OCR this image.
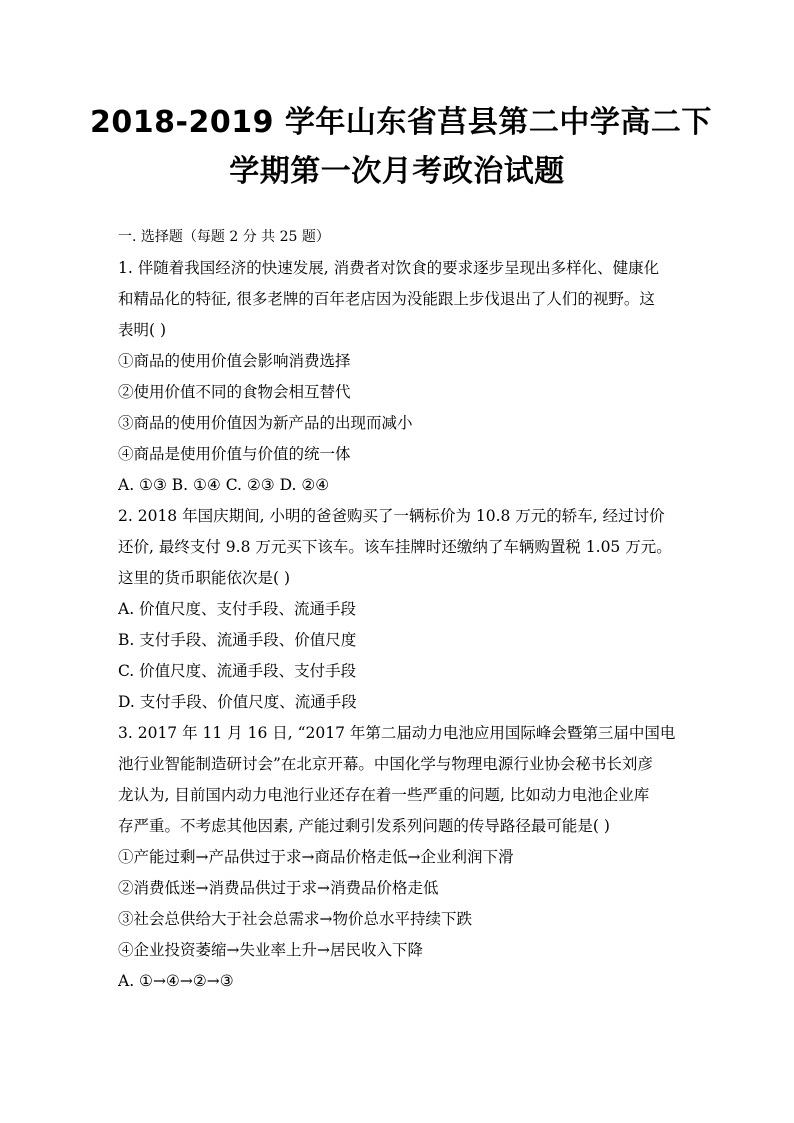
2018-2019 学年山东省莒县第二中学高二下
学期第一次月考政治试题
一. 选择题（每题 2 分 共 25 题）
1. 伴随着我国经济的快速发展, 消费者对饮食的要求逐步呈现出多样化、健康化
和精品化的特征, 很多老牌的百年老店因为没能跟上步伐退出了人们的视野。这
表明( )
①商品的使用价值会影响消费选择
②使用价值不同的食物会相互替代
③商品的使用价值因为新产品的出现而减小
④商品是使用价值与价值的统一体
A. ①③ B. ①④ C. ②③ D. ②④
2. 2018 年国庆期间, 小明的爸爸购买了一辆标价为 10.8 万元的轿车, 经过讨价
还价, 最终支付 9.8 万元买下该车。该车挂牌时还缴纳了车辆购置税 1.05 万元。
这里的货币职能依次是( )
A. 价值尺度、支付手段、流通手段
B. 支付手段、流通手段、价值尺度
C. 价值尺度、流通手段、支付手段
D. 支付手段、价值尺度、流通手段
3. 2017 年 11 月 16 日, “2017 年第二届动力电池应用国际峰会暨第三届中国电
池行业智能制造研讨会”在北京开幕。中国化学与物理电源行业协会秘书长刘彦
龙认为, 目前国内动力电池行业还存在着一些严重的问题, 比如动力电池企业库
存严重。不考虑其他因素, 产能过剩引发系列问题的传导路径最可能是( )
①产能过剩→产品供过于求→商品价格走低→企业利润下滑
②消费低迷→消费品供过于求→消费品价格走低
③社会总供给大于社会总需求→物价总水平持续下跌
④企业投资萎缩→失业率上升→居民收入下降
A. ①→④→②→③
